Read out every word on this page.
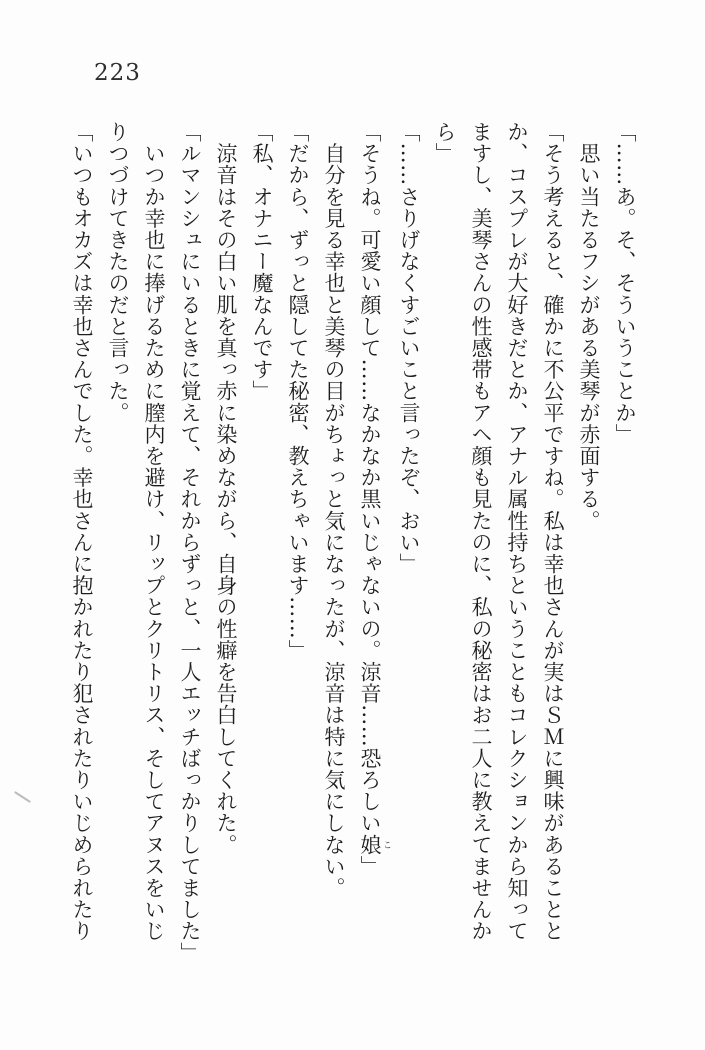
223

「……あ。そ、そういうことか」

　思い当たるフシがある美琴が赤面する。

「そう考えると、確かに不公平ですね。私は幸也さんが実はＳＭに興味があることと

か、コスプレが大好きだとか、アナル属性持ちということもコレクションから知って

ますし、美琴さんの性感帯もアヘ顔も見たのに、私の秘密はお二人に教えてませんか

ら」

「……さりげなくすごいこと言ったぞ、おい」

「そうね。可愛い顔して……なかなか黒いじゃないの。涼音……恐ろしい娘 こ」

　自分を見る幸也と美琴の目がちょっと気になったが、涼音は特に気にしない。

「だから、ずっと隠してた秘密、教えちゃいます……」

「私、オナニー魔なんです」

　涼音はその白い肌を真っ赤に染めながら、自身の性癖を告白してくれた。

「ルマンシュにいるときに覚えて、それからずっと、一人エッチばっかりしてました」

　いつか幸也に捧げるために膣内を避け、リップとクリトリス、そしてアヌスをいじ

りつづけてきたのだと言った。

「いつもオカズは幸也さんでした。幸也さんに抱かれたり犯されたりいじめられたり
